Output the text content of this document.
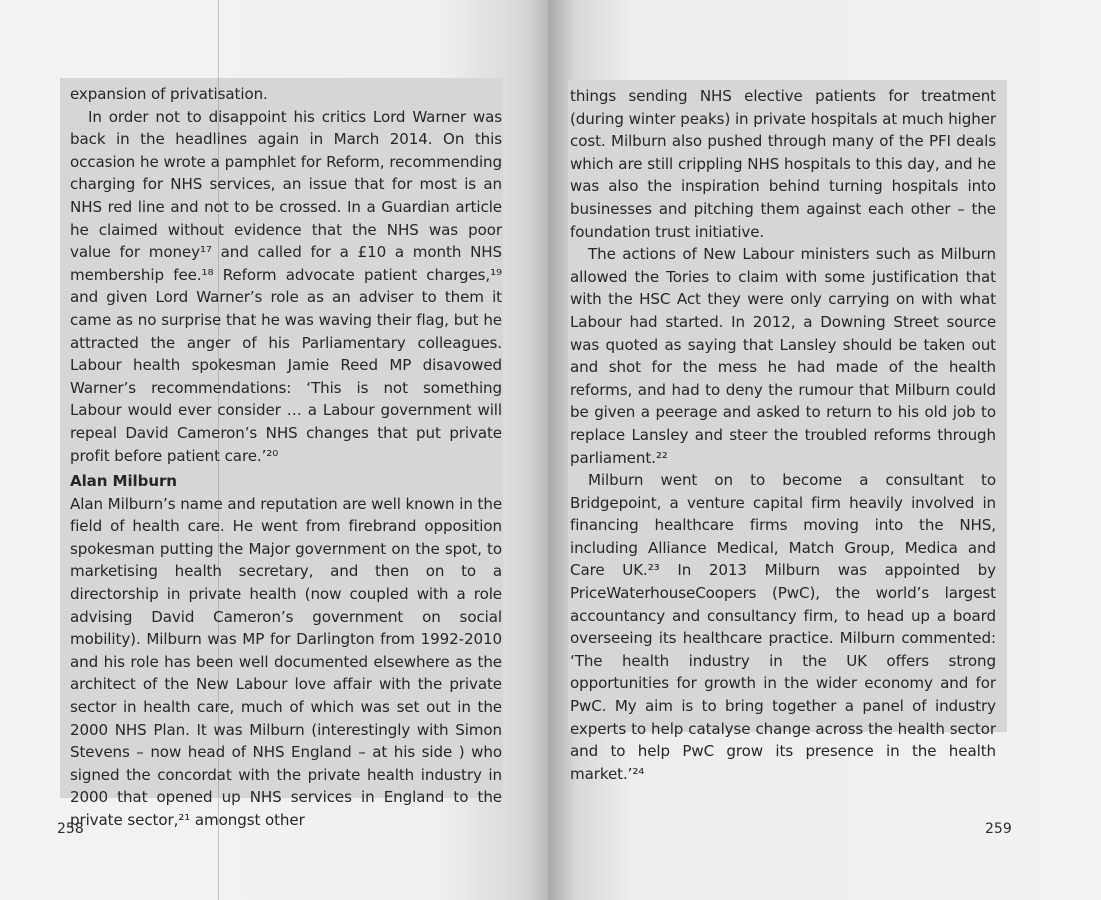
expansion of privatisation.

In order not to disappoint his critics Lord Warner was back in the headlines again in March 2014. On this occasion he wrote a pamphlet for Reform, recommending charging for NHS services, an issue that for most is an NHS red line and not to be crossed. In a Guardian article he claimed without evidence that the NHS was poor value for money¹⁷ and called for a £10 a month NHS membership fee.¹⁸ Reform advocate patient charges,¹⁹ and given Lord Warner’s role as an adviser to them it came as no surprise that he was waving their flag, but he attracted the anger of his Parliamentary colleagues. Labour health spokesman Jamie Reed MP disavowed Warner’s recommendations: ‘This is not something Labour would ever consider … a Labour government will repeal David Cameron’s NHS changes that put private profit before patient care.’²⁰

Alan Milburn

Alan Milburn’s name and reputation are well known in the field of health care. He went from firebrand opposition spokesman putting the Major government on the spot, to marketising health secretary, and then on to a directorship in private health (now coupled with a role advising David Cameron’s government on social mobility). Milburn was MP for Darlington from 1992-2010 and his role has been well documented elsewhere as the architect of the New Labour love affair with the private sector in health care, much of which was set out in the 2000 NHS Plan. It was Milburn (interestingly with Simon Stevens – now head of NHS England – at his side ) who signed the concordat with the private health industry in 2000 that opened up NHS services in England to the private sector,²¹ amongst other

things sending NHS elective patients for treatment (during winter peaks) in private hospitals at much higher cost. Milburn also pushed through many of the PFI deals which are still crippling NHS hospitals to this day, and he was also the inspiration behind turning hospitals into businesses and pitching them against each other – the foundation trust initiative.

The actions of New Labour ministers such as Milburn allowed the Tories to claim with some justification that with the HSC Act they were only carrying on with what Labour had started. In 2012, a Downing Street source was quoted as saying that Lansley should be taken out and shot for the mess he had made of the health reforms, and had to deny the rumour that Milburn could be given a peerage and asked to return to his old job to replace Lansley and steer the troubled reforms through parliament.²²

Milburn went on to become a consultant to Bridgepoint, a venture capital firm heavily involved in financing healthcare firms moving into the NHS, including Alliance Medical, Match Group, Medica and Care UK.²³ In 2013 Milburn was appointed by PriceWaterhouseCoopers (PwC), the world’s largest accountancy and consultancy firm, to head up a board overseeing its healthcare practice. Milburn commented: ‘The health industry in the UK offers strong opportunities for growth in the wider economy and for PwC. My aim is to bring together a panel of industry experts to help catalyse change across the health sector and to help PwC grow its presence in the health market.’²⁴

258	259
